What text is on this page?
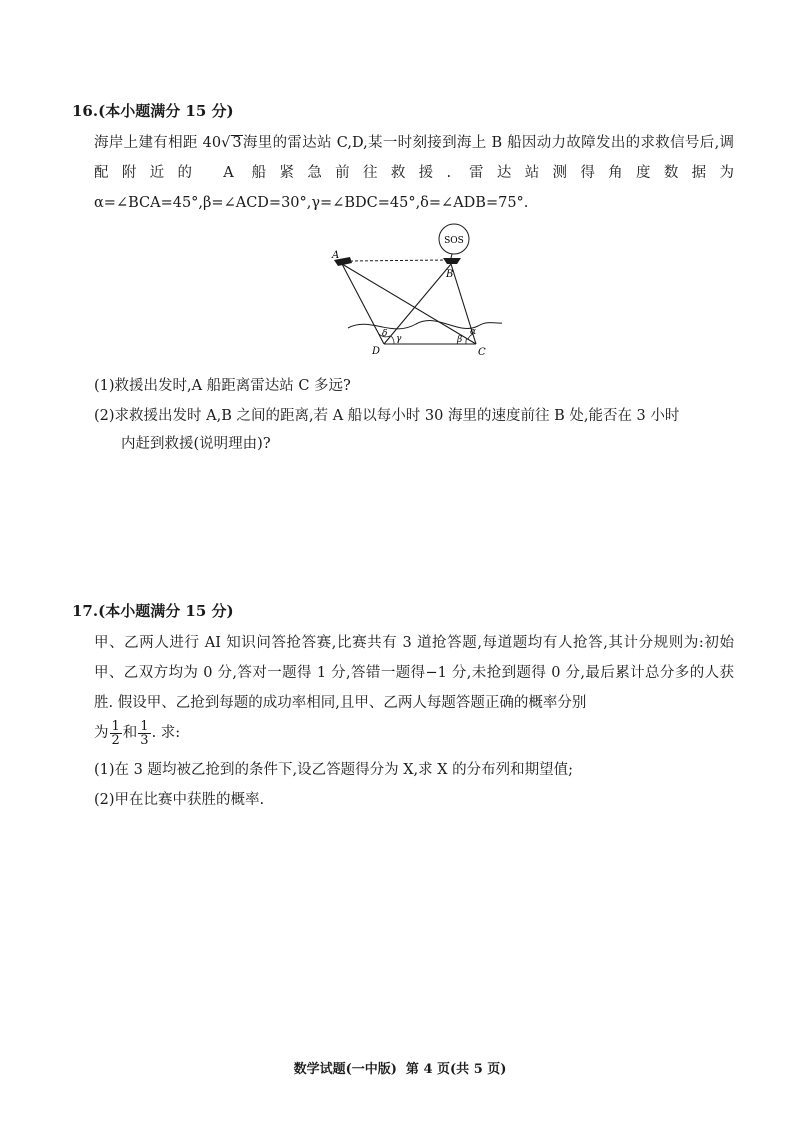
16.(本小题满分 15 分)
海岸上建有相距 40√ 3海里的雷达站 C,D,某一时刻接到海上 B 船因动力故障发出的求救信号后,调配附近的 A 船紧急前往救援. 雷达站测得角度数据为 α=∠BCA=45°,β=∠ACD=30°,γ=∠BDC=45°,δ=∠ADB=75°.
SOS
A
B
C
D
δ γ	β
α
(1)救援出发时,A 船距离雷达站 C 多远?
(2)求救援出发时 A,B 之间的距离,若 A 船以每小时 30 海里的速度前往 B 处,能否在 3 小时
内赶到救援(说明理由)?
17.(本小题满分 15 分)
甲、乙两人进行 AI 知识问答抢答赛,比赛共有 3 道抢答题,每道题均有人抢答,其计分规则为:初始甲、乙双方均为 0 分,答对一题得 1 分,答错一题得−1 分,未抢到题得 0 分,最后累计总分多的人获胜. 假设甲、乙抢到每题的成功率相同,且甲、乙两人每题答题正确的概率分别
为 $\frac{1}{2}$ 和 $\frac{1}{3}$ . 求:
(1)在 3 题均被乙抢到的条件下,设乙答题得分为 X,求 X 的分布列和期望值;
(2)甲在比赛中获胜的概率.
数学试题(一中版)  第 4 页(共 5 页)
